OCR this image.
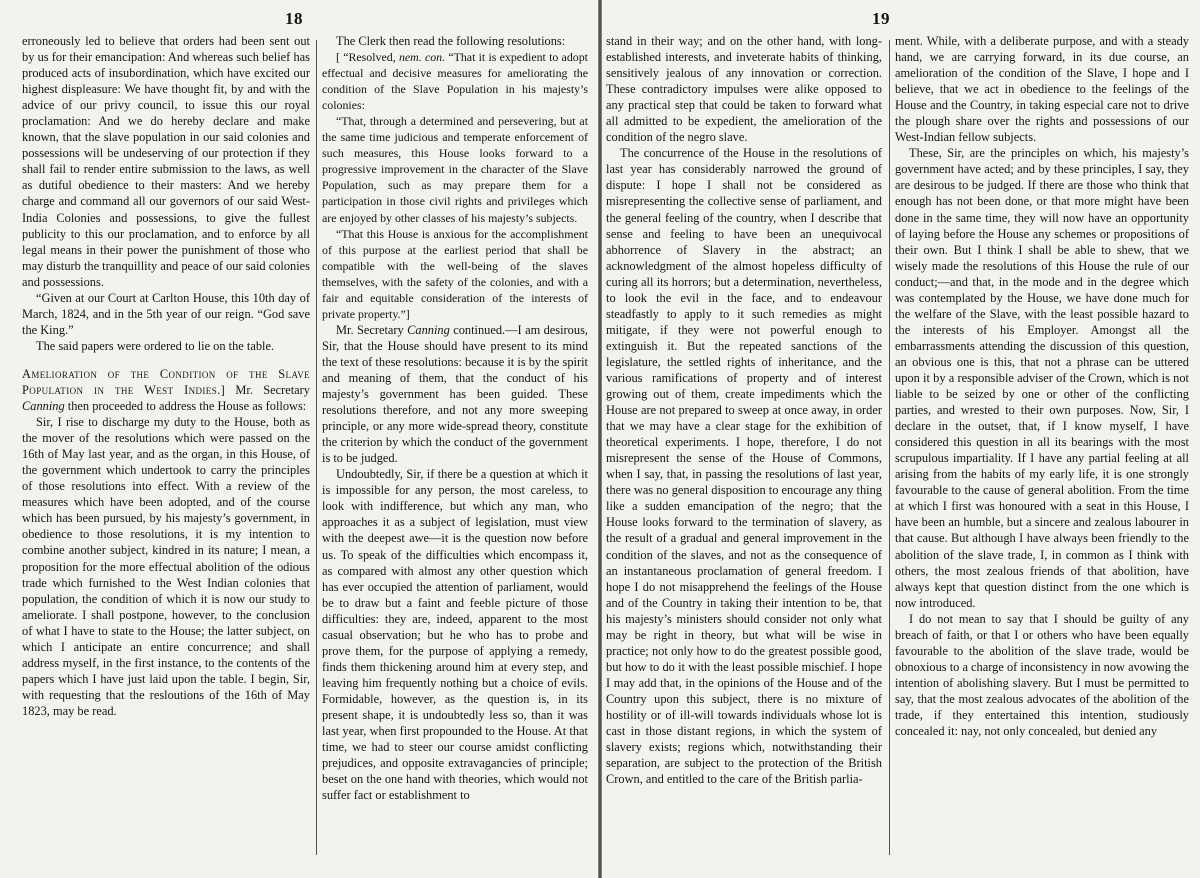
18

erroneously led to believe that orders had been sent out by us for their emancipation: And whereas such belief has produced acts of insubordination, which have excited our highest displeasure: We have thought fit, by and with the advice of our privy council, to issue this our royal proclamation: And we do hereby declare and make known, that the slave population in our said colonies and possessions will be undeserving of our protection if they shall fail to render entire submission to the laws, as well as dutiful obedience to their masters: And we hereby charge and command all our governors of our said West-India Colonies and possessions, to give the fullest publicity to this our proclamation, and to enforce by all legal means in their power the punishment of those who may disturb the tranquillity and peace of our said colonies and possessions.

“Given at our Court at Carlton House, this 10th day of March, 1824, and in the 5th year of our reign. “God save the King.”

The said papers were ordered to lie on the table.

Amelioration of the Condition of the Slave Population in the West Indies.] Mr. Secretary Canning then proceeded to address the House as follows:

Sir, I rise to discharge my duty to the House, both as the mover of the resolutions which were passed on the 16th of May last year, and as the organ, in this House, of the government which undertook to carry the principles of those resolutions into effect. With a review of the measures which have been adopted, and of the course which has been pursued, by his majesty’s government, in obedience to those resolutions, it is my intention to combine another subject, kindred in its nature; I mean, a proposition for the more effectual abolition of the odious trade which furnished to the West Indian colonies that population, the condition of which it is now our study to ameliorate. I shall postpone, however, to the conclusion of what I have to state to the House; the latter subject, on which I anticipate an entire concurrence; and shall address myself, in the first instance, to the contents of the papers which I have just laid upon the table. I begin, Sir, with requesting that the resloutions of the 16th of May 1823, may be read.

The Clerk then read the following resolutions:

[ “Resolved, nem. con. “That it is expedient to adopt effectual and decisive measures for ameliorating the condition of the Slave Population in his majesty’s colonies:

“That, through a determined and persevering, but at the same time judicious and temperate enforcement of such measures, this House looks forward to a progressive improvement in the character of the Slave Population, such as may prepare them for a participation in those civil rights and privileges which are enjoyed by other classes of his majesty’s subjects.

“That this House is anxious for the accomplishment of this purpose at the earliest period that shall be compatible with the well-being of the slaves themselves, with the safety of the colonies, and with a fair and equitable consideration of the interests of private property.”]

Mr. Secretary Canning continued.—I am desirous, Sir, that the House should have present to its mind the text of these resolutions: because it is by the spirit and meaning of them, that the conduct of his majesty’s government has been guided. These resolutions therefore, and not any more sweeping principle, or any more wide-spread theory, constitute the criterion by which the conduct of the government is to be judged.

Undoubtedly, Sir, if there be a question at which it is impossible for any person, the most careless, to look with indifference, but which any man, who approaches it as a subject of legislation, must view with the deepest awe—it is the question now before us. To speak of the difficulties which encompass it, as compared with almost any other question which has ever occupied the attention of parliament, would be to draw but a faint and feeble picture of those difficulties: they are, indeed, apparent to the most casual observation; but he who has to probe and prove them, for the purpose of applying a remedy, finds them thickening around him at every step, and leaving him frequently nothing but a choice of evils. Formidable, however, as the question is, in its present shape, it is undoubtedly less so, than it was last year, when first propounded to the House. At that time, we had to steer our course amidst conflicting prejudices, and opposite extravagancies of principle; beset on the one hand with theories, which would not suffer fact or establishment to

19

stand in their way; and on the other hand, with long-established interests, and inveterate habits of thinking, sensitively jealous of any innovation or correction. These contradictory impulses were alike opposed to any practical step that could be taken to forward what all admitted to be expedient, the amelioration of the condition of the negro slave.

The concurrence of the House in the resolutions of last year has considerably narrowed the ground of dispute: I hope I shall not be considered as misrepresenting the collective sense of parliament, and the general feeling of the country, when I describe that sense and feeling to have been an unequivocal abhorrence of Slavery in the abstract; an acknowledgment of the almost hopeless difficulty of curing all its horrors; but a determination, nevertheless, to look the evil in the face, and to endeavour steadfastly to apply to it such remedies as might mitigate, if they were not powerful enough to extinguish it. But the repeated sanctions of the legislature, the settled rights of inheritance, and the various ramifications of property and of interest growing out of them, create impediments which the House are not prepared to sweep at once away, in order that we may have a clear stage for the exhibition of theoretical experiments. I hope, therefore, I do not misrepresent the sense of the House of Commons, when I say, that, in passing the resolutions of last year, there was no general disposition to encourage any thing like a sudden emancipation of the negro; that the House looks forward to the termination of slavery, as the result of a gradual and general improvement in the condition of the slaves, and not as the consequence of an instantaneous proclamation of general freedom. I hope I do not misapprehend the feelings of the House and of the Country in taking their intention to be, that his majesty’s ministers should consider not only what may be right in theory, but what will be wise in practice; not only how to do the greatest possible good, but how to do it with the least possible mischief. I hope I may add that, in the opinions of the House and of the Country upon this subject, there is no mixture of hostility or of ill-will towards individuals whose lot is cast in those distant regions, in which the system of slavery exists; regions which, notwithstanding their separation, are subject to the protection of the British Crown, and entitled to the care of the British parlia-

ment. While, with a deliberate purpose, and with a steady hand, we are carrying forward, in its due course, an amelioration of the condition of the Slave, I hope and I believe, that we act in obedience to the feelings of the House and the Country, in taking especial care not to drive the plough share over the rights and possessions of our West-Indian fellow subjects.

These, Sir, are the principles on which, his majesty’s government have acted; and by these principles, I say, they are desirous to be judged. If there are those who think that enough has not been done, or that more might have been done in the same time, they will now have an opportunity of laying before the House any schemes or propositions of their own. But I think I shall be able to shew, that we wisely made the resolutions of this House the rule of our conduct;—and that, in the mode and in the degree which was contemplated by the House, we have done much for the welfare of the Slave, with the least possible hazard to the interests of his Employer. Amongst all the embarrassments attending the discussion of this question, an obvious one is this, that not a phrase can be uttered upon it by a responsible adviser of the Crown, which is not liable to be seized by one or other of the conflicting parties, and wrested to their own purposes. Now, Sir, I declare in the outset, that, if I know myself, I have considered this question in all its bearings with the most scrupulous impartiality. If I have any partial feeling at all arising from the habits of my early life, it is one strongly favourable to the cause of general abolition. From the time at which I first was honoured with a seat in this House, I have been an humble, but a sincere and zealous labourer in that cause. But although I have always been friendly to the abolition of the slave trade, I, in common as I think with others, the most zealous friends of that abolition, have always kept that question distinct from the one which is now introduced.

I do not mean to say that I should be guilty of any breach of faith, or that I or others who have been equally favourable to the abolition of the slave trade, would be obnoxious to a charge of inconsistency in now avowing the intention of abolishing slavery. But I must be permitted to say, that the most zealous advocates of the abolition of the trade, if they entertained this intention, studiously concealed it: nay, not only concealed, but denied any
